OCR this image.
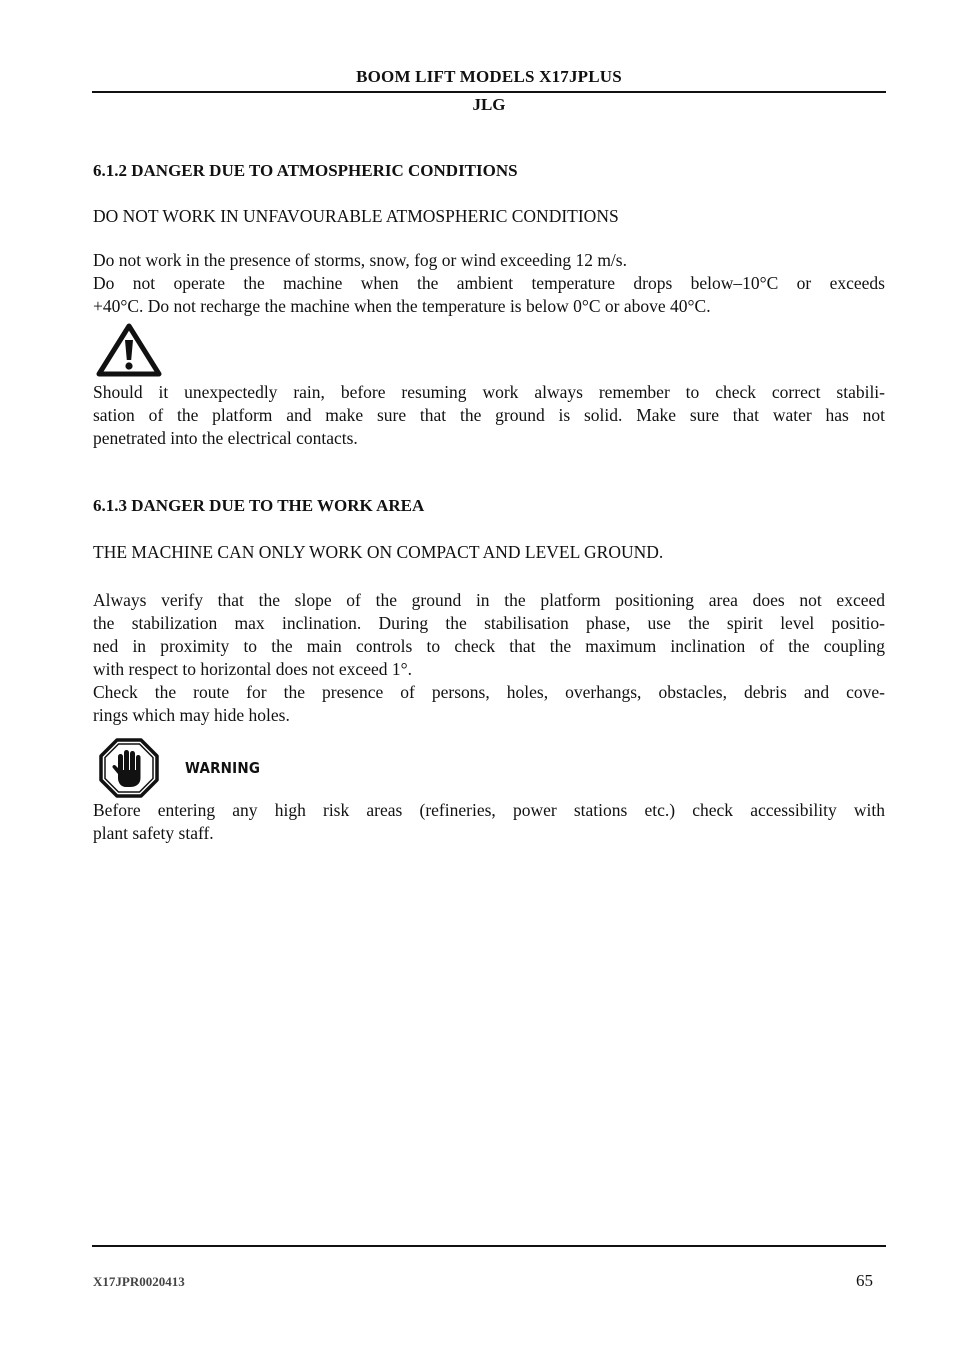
BOOM LIFT MODELS X17JPLUS
JLG
6.1.2 DANGER DUE TO ATMOSPHERIC CONDITIONS
DO NOT WORK IN UNFAVOURABLE ATMOSPHERIC CONDITIONS
Do not work in the presence of storms, snow, fog or wind exceeding 12 m/s.
Do not operate the machine when the ambient temperature drops below–10°C or exceeds
+40°C. Do not recharge the machine when the temperature is below 0°C or above 40°C.
Should it unexpectedly rain, before resuming work always remember to check correct stabili-
sation of the platform and make sure that the ground is solid. Make sure that water has not
penetrated into the electrical contacts.
6.1.3 DANGER DUE TO THE WORK AREA
THE MACHINE CAN ONLY WORK ON COMPACT AND LEVEL GROUND.
Always verify that the slope of the ground in the platform positioning area does not exceed
the stabilization max inclination. During the stabilisation phase, use the spirit level positio-
ned in proximity to the main controls to check that the maximum inclination of the coupling
with respect to horizontal does not exceed 1°.
Check the route for the presence of persons, holes, overhangs, obstacles, debris and cove-
rings which may hide holes.
Before entering any high risk areas (refineries, power stations etc.) check accessibility with
plant safety staff.
WARNING
X17JPR0020413	65
